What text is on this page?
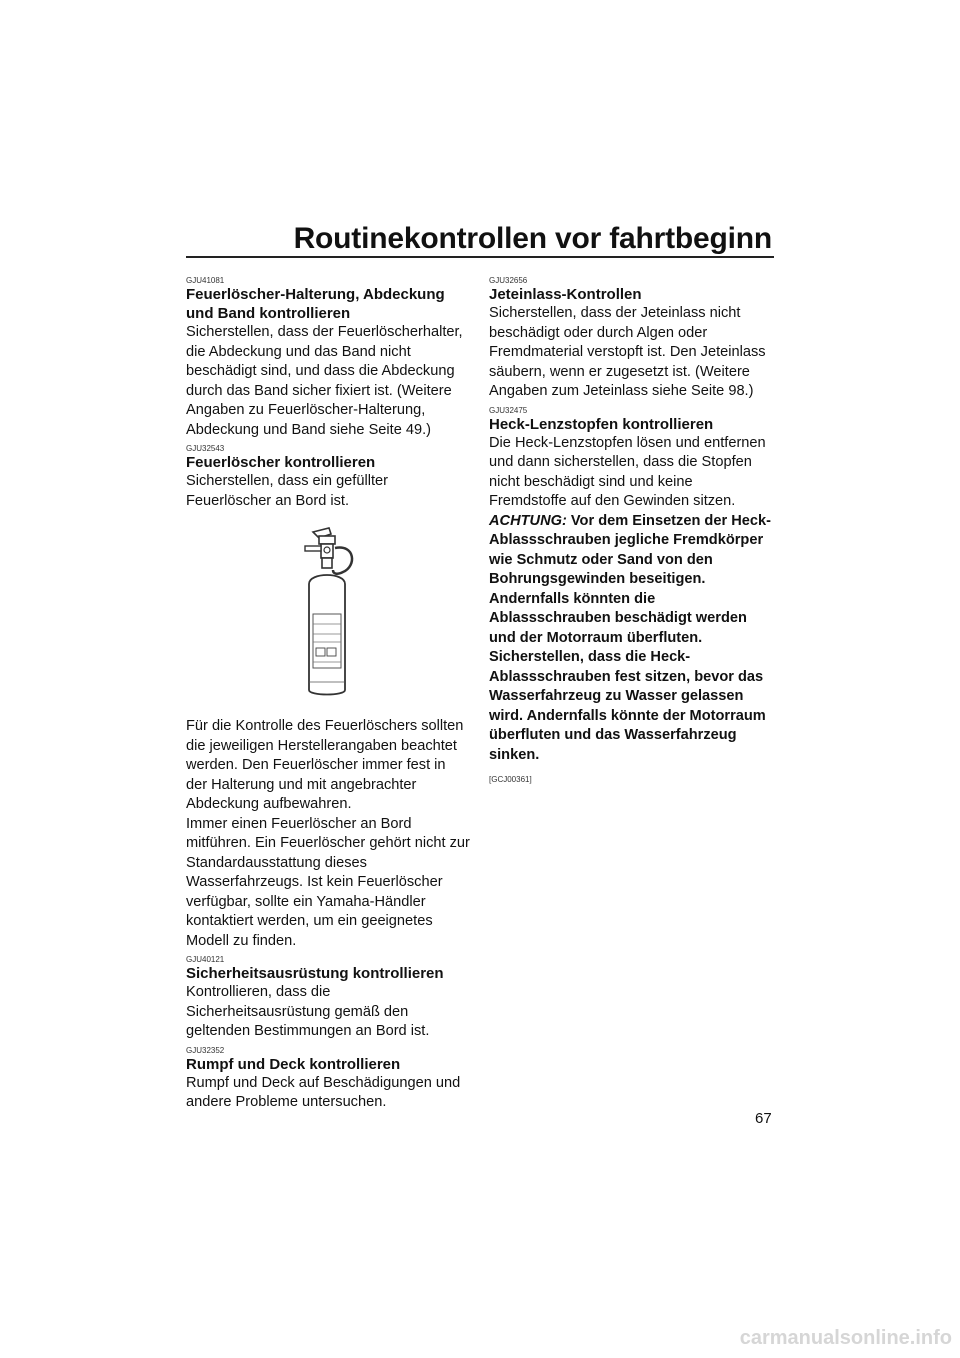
Routinekontrollen vor fahrtbeginn
GJU41081
Feuerlöscher-Halterung, Abdeckung und Band kontrollieren
Sicherstellen, dass der Feuerlöscherhalter, die Abdeckung und das Band nicht beschädigt sind, und dass die Abdeckung durch das Band sicher fixiert ist. (Weitere Angaben zu Feuerlöscher-Halterung, Abdeckung und Band siehe Seite 49.)
GJU32543
Feuerlöscher kontrollieren
Sicherstellen, dass ein gefüllter Feuerlöscher an Bord ist.
Für die Kontrolle des Feuerlöschers sollten die jeweiligen Herstellerangaben beachtet werden. Den Feuerlöscher immer fest in der Halterung und mit angebrachter Abdeckung aufbewahren.
Immer einen Feuerlöscher an Bord mitführen. Ein Feuerlöscher gehört nicht zur Standardausstattung dieses Wasserfahrzeugs. Ist kein Feuerlöscher verfügbar, sollte ein Yamaha-Händler kontaktiert werden, um ein geeignetes Modell zu finden.
GJU40121
Sicherheitsausrüstung kontrollieren
Kontrollieren, dass die Sicherheitsausrüstung gemäß den geltenden Bestimmungen an Bord ist.
GJU32352
Rumpf und Deck kontrollieren
Rumpf und Deck auf Beschädigungen und andere Probleme untersuchen.
GJU32656
Jeteinlass-Kontrollen
Sicherstellen, dass der Jeteinlass nicht beschädigt oder durch Algen oder Fremdmaterial verstopft ist. Den Jeteinlass säubern, wenn er zugesetzt ist. (Weitere Angaben zum Jeteinlass siehe Seite 98.)
GJU32475
Heck-Lenzstopfen kontrollieren
Die Heck-Lenzstopfen lösen und entfernen und dann sicherstellen, dass die Stopfen nicht beschädigt sind und keine Fremdstoffe auf den Gewinden sitzen. ACHTUNG: Vor dem Einsetzen der Heck-Ablassschrauben jegliche Fremdkörper wie Schmutz oder Sand von den Bohrungsgewinden beseitigen. Andernfalls könnten die Ablassschrauben beschädigt werden und der Motorraum überfluten. Sicherstellen, dass die Heck-Ablassschrauben fest sitzen, bevor das Wasserfahrzeug zu Wasser gelassen wird. Andernfalls könnte der Motorraum überfluten und das Wasserfahrzeug sinken.
[GCJ00361]
67
carmanualsonline.info
